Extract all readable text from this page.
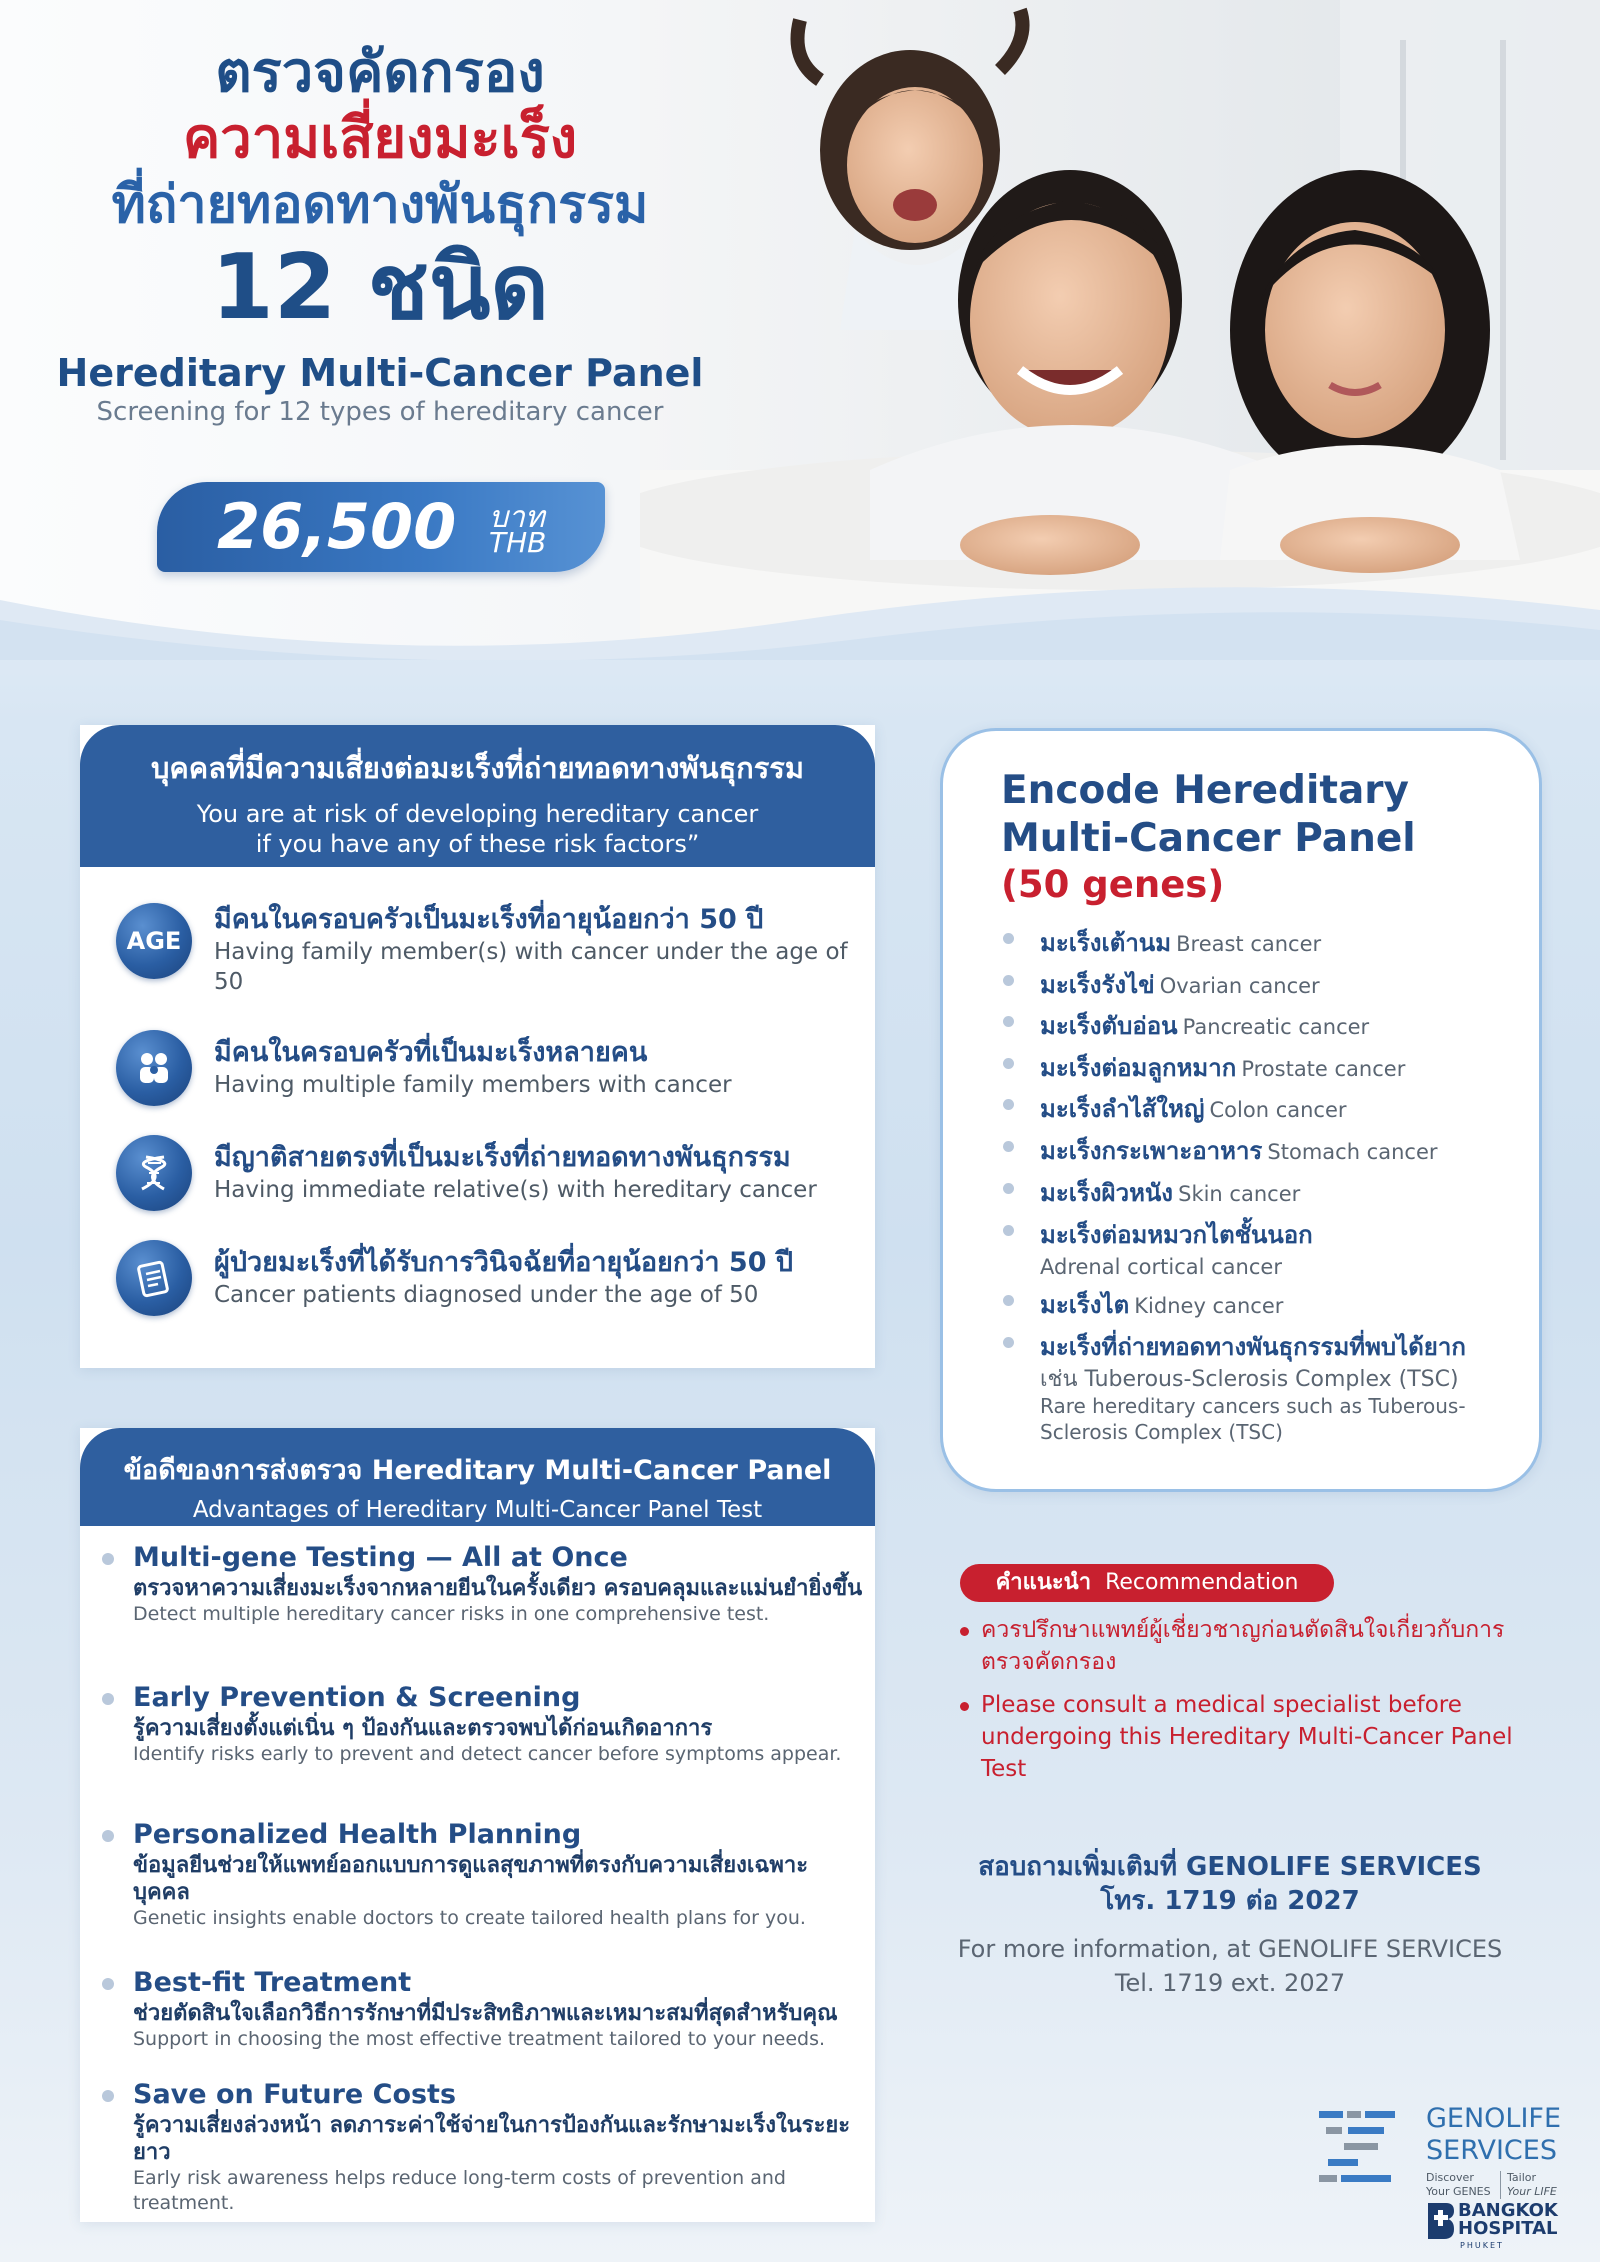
ตรวจคัดกรอง
ความเสี่ยงมะเร็ง
ที่ถ่ายทอดทางพันธุกรรม
12 ชนิด
Hereditary Multi-Cancer Panel
Screening for 12 types of hereditary cancer
26,500 บาท
THB
บุคคลที่มีความเสี่ยงต่อมะเร็งที่ถ่ายทอดทางพันธุกรรม
You are at risk of developing hereditary cancer
if you have any of these risk factors”
AGE
มีคนในครอบครัวเป็นมะเร็งที่อายุน้อยกว่า 50 ปี
Having family member(s) with cancer under the age of 50
มีคนในครอบครัวที่เป็นมะเร็งหลายคน
Having multiple family members with cancer
มีญาติสายตรงที่เป็นมะเร็งที่ถ่ายทอดทางพันธุกรรม
Having immediate relative(s) with hereditary cancer
ผู้ป่วยมะเร็งที่ได้รับการวินิจฉัยที่อายุน้อยกว่า 50 ปี
Cancer patients diagnosed under the age of 50
ข้อดีของการส่งตรวจ Hereditary Multi-Cancer Panel
Advantages of Hereditary Multi-Cancer Panel Test
Multi-gene Testing — All at Once
ตรวจหาความเสี่ยงมะเร็งจากหลายยีนในครั้งเดียว ครอบคลุมและแม่นยำยิ่งขึ้น
Detect multiple hereditary cancer risks in one comprehensive test.
Early Prevention & Screening
รู้ความเสี่ยงตั้งแต่เนิ่น ๆ ป้องกันและตรวจพบได้ก่อนเกิดอาการ
Identify risks early to prevent and detect cancer before symptoms appear.
Personalized Health Planning
ข้อมูลยีนช่วยให้แพทย์ออกแบบการดูแลสุขภาพที่ตรงกับความเสี่ยงเฉพาะบุคคล
Genetic insights enable doctors to create tailored health plans for you.
Best-fit Treatment
ช่วยตัดสินใจเลือกวิธีการรักษาที่มีประสิทธิภาพและเหมาะสมที่สุดสำหรับคุณ
Support in choosing the most effective treatment tailored to your needs.
Save on Future Costs
รู้ความเสี่ยงล่วงหน้า ลดภาระค่าใช้จ่ายในการป้องกันและรักษามะเร็งในระยะยาว
Early risk awareness helps reduce long-term costs of prevention and treatment.
Encode Hereditary
Multi-Cancer Panel
(50 genes)
มะเร็งเต้านม Breast cancer
มะเร็งรังไข่ Ovarian cancer
มะเร็งตับอ่อน Pancreatic cancer
มะเร็งต่อมลูกหมาก Prostate cancer
มะเร็งลำไส้ใหญ่ Colon cancer
มะเร็งกระเพาะอาหาร Stomach cancer
มะเร็งผิวหนัง Skin cancer
มะเร็งต่อมหมวกไตชั้นนอก
Adrenal cortical cancer
มะเร็งไต Kidney cancer
มะเร็งที่ถ่ายทอดทางพันธุกรรมที่พบได้ยาก
เช่น Tuberous-Sclerosis Complex (TSC)
Rare hereditary cancers such as Tuberous-Sclerosis Complex (TSC)
คำแนะนำ Recommendation
ควรปรึกษาแพทย์ผู้เชี่ยวชาญก่อนตัดสินใจเกี่ยวกับการตรวจคัดกรอง
Please consult a medical specialist before undergoing this Hereditary Multi-Cancer Panel Test
สอบถามเพิ่มเติมที่ GENOLIFE SERVICES
โทร. 1719 ต่อ 2027
For more information, at GENOLIFE SERVICES
Tel. 1719 ext. 2027
GENOLIFE
SERVICES
Discover
Your GENES
Tailor
Your LIFE
BANGKOK
HOSPITAL
PHUKET
